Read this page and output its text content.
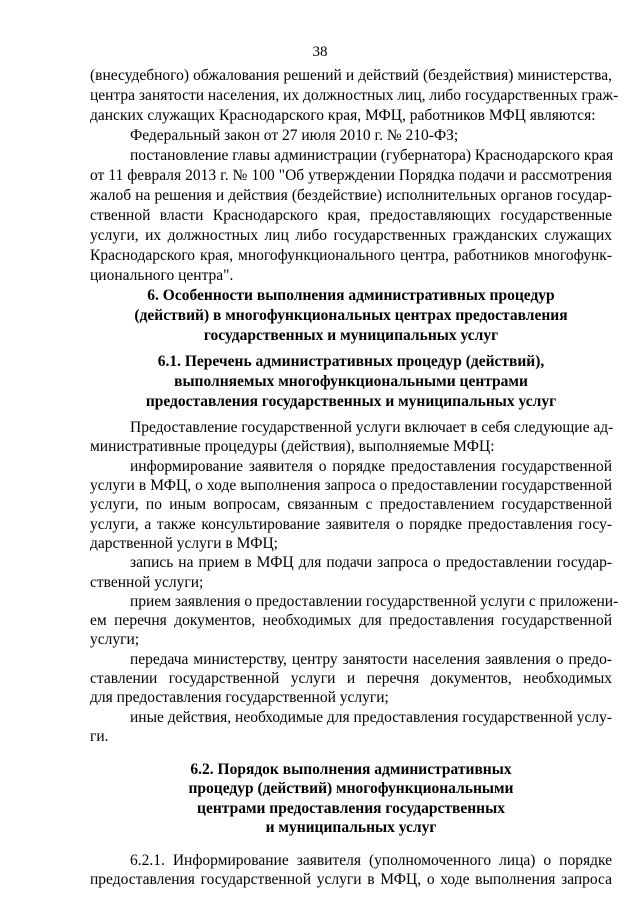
38
(внесудебного) обжалования решений и действий (бездействия) министерства,
центра занятости населения, их должностных лиц, либо государственных граж-
данских служащих Краснодарского края, МФЦ, работников МФЦ являются:
Федеральный закон от 27 июля 2010 г. № 210-ФЗ;
постановление главы администрации (губернатора) Краснодарского края
от 11 февраля 2013 г. № 100 "Об утверждении Порядка подачи и рассмотрения
жалоб на решения и действия (бездействие) исполнительных органов государ-
ственной власти Краснодарского края, предоставляющих государственные
услуги, их должностных лиц либо государственных гражданских служащих
Краснодарского края, многофункционального центра, работников многофунк-
ционального центра".
6. Особенности выполнения административных процедур
(действий) в многофункциональных центрах предоставления
государственных и муниципальных услуг
6.1. Перечень административных процедур (действий),
выполняемых многофункциональными центрами
предоставления государственных и муниципальных услуг
Предоставление государственной услуги включает в себя следующие ад-
министративные процедуры (действия), выполняемые МФЦ:
информирование заявителя о порядке предоставления государственной
услуги в МФЦ, о ходе выполнения запроса о предоставлении государственной
услуги, по иным вопросам, связанным с предоставлением государственной
услуги, а также консультирование заявителя о порядке предоставления госу-
дарственной услуги в МФЦ;
запись на прием в МФЦ для подачи запроса о предоставлении государ-
ственной услуги;
прием заявления о предоставлении государственной услуги с приложени-
ем перечня документов, необходимых для предоставления государственной
услуги;
передача министерству, центру занятости населения заявления о предо-
ставлении государственной услуги и перечня документов, необходимых
для предоставления государственной услуги;
иные действия, необходимые для предоставления государственной услу-
ги.
6.2. Порядок выполнения административных
процедур (действий) многофункциональными
центрами предоставления государственных
и муниципальных услуг
6.2.1. Информирование заявителя (уполномоченного лица) о порядке
предоставления государственной услуги в МФЦ, о ходе выполнения запроса
